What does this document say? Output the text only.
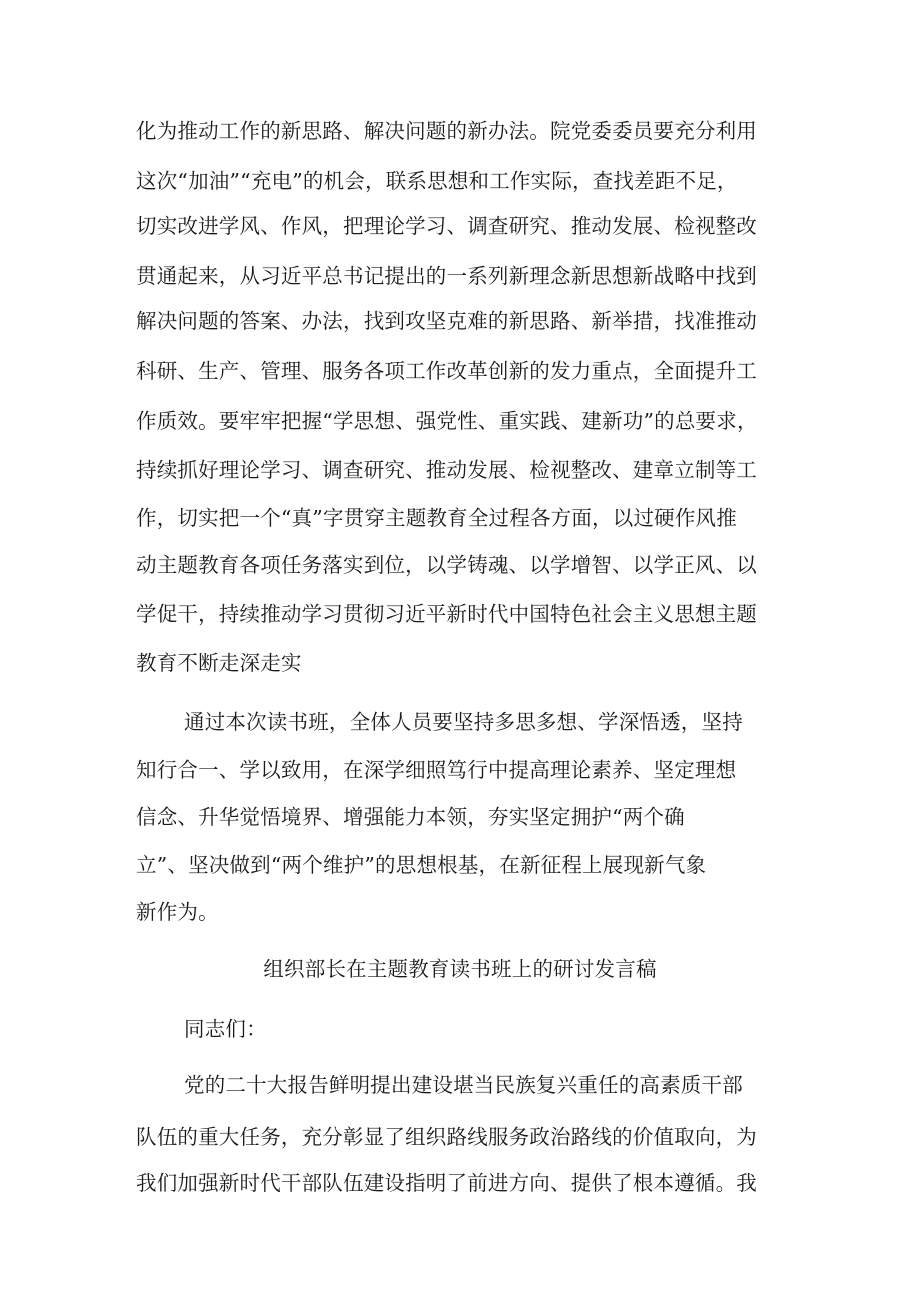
化为推动工作的新思路、解决问题的新办法。院党委委员要充分利用
这次“加油”“充电”的机会，联系思想和工作实际，查找差距不足，
切实改进学风、作风，把理论学习、调查研究、推动发展、检视整改
贯通起来，从习近平总书记提出的一系列新理念新思想新战略中找到
解决问题的答案、办法，找到攻坚克难的新思路、新举措，找准推动
科研、生产、管理、服务各项工作改革创新的发力重点，全面提升工
作质效。要牢牢把握“学思想、强党性、重实践、建新功”的总要求，
持续抓好理论学习、调查研究、推动发展、检视整改、建章立制等工
作，切实把一个“真”字贯穿主题教育全过程各方面，以过硬作风推
动主题教育各项任务落实到位，以学铸魂、以学增智、以学正风、以
学促干，持续推动学习贯彻习近平新时代中国特色社会主义思想主题
教育不断走深走实
通过本次读书班，全体人员要坚持多思多想、学深悟透，坚持
知行合一、学以致用，在深学细照笃行中提高理论素养、坚定理想
信念、升华觉悟境界、增强能力本领，夯实坚定拥护“两个确
立”、坚决做到“两个维护”的思想根基，在新征程上展现新气象
新作为。
组织部长在主题教育读书班上的研讨发言稿
同志们：
党的二十大报告鲜明提出建设堪当民族复兴重任的高素质干部
队伍的重大任务，充分彰显了组织路线服务政治路线的价值取向，为
我们加强新时代干部队伍建设指明了前进方向、提供了根本遵循。我
